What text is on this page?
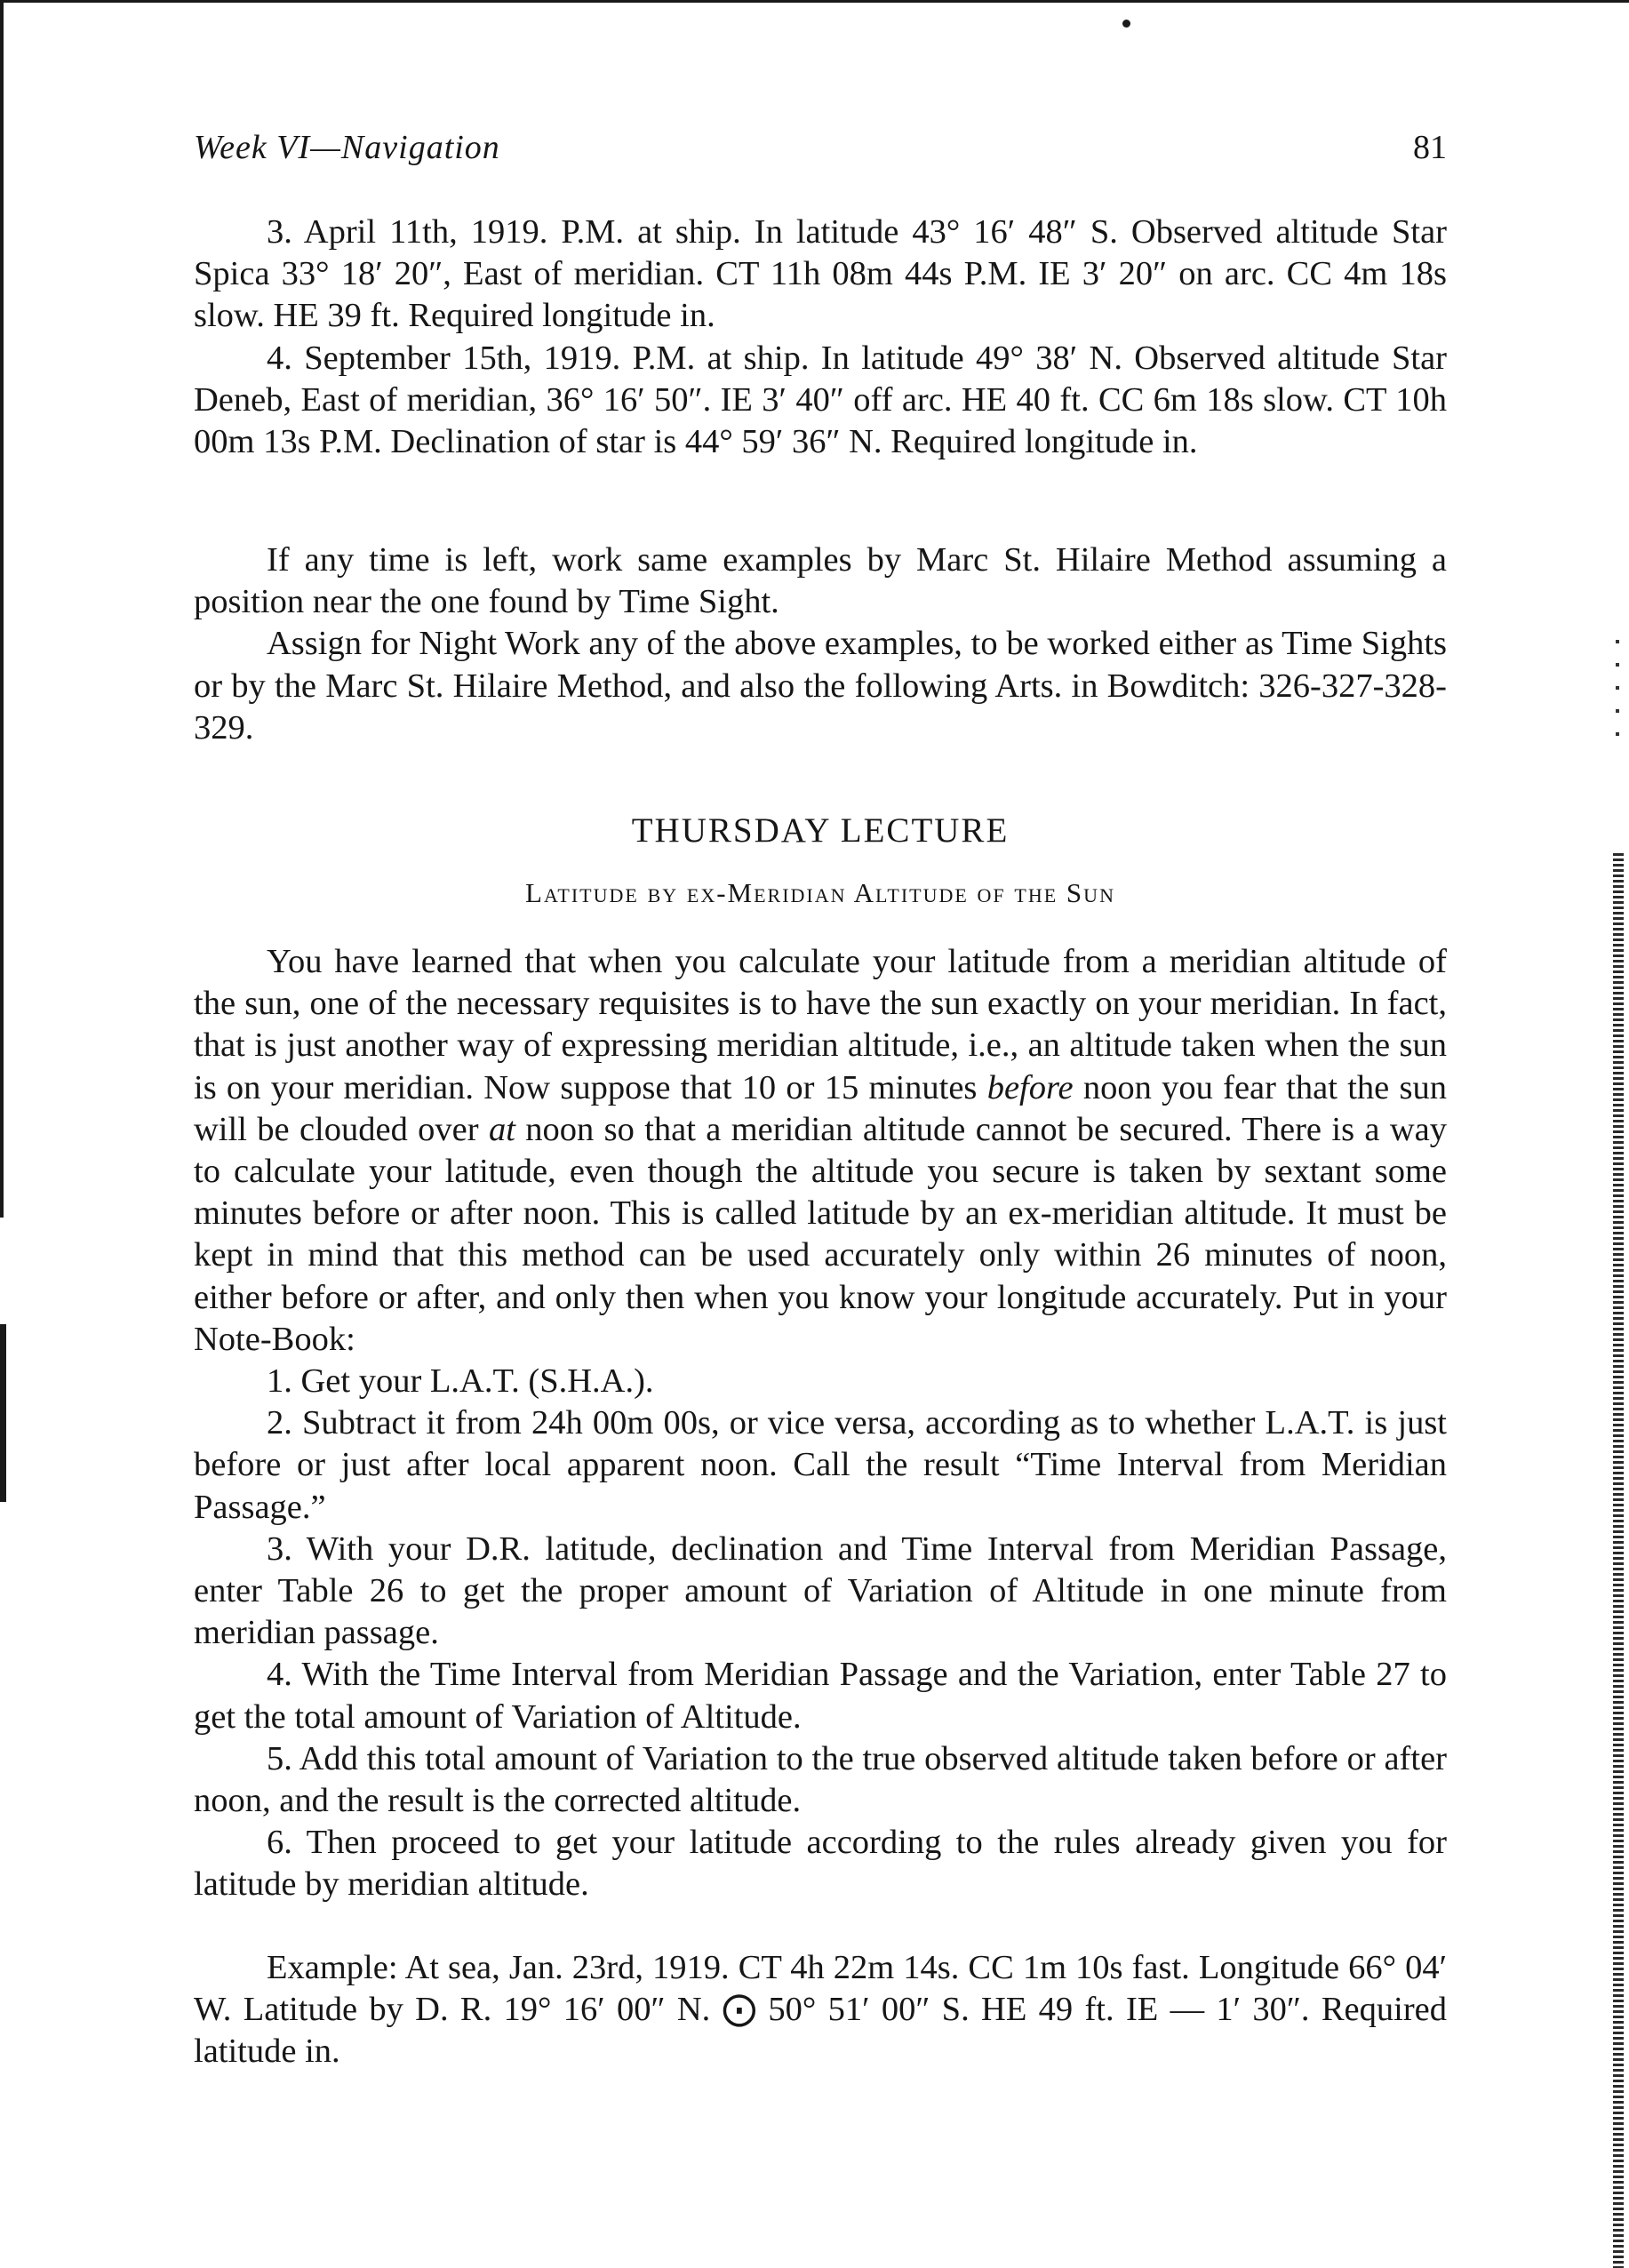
Week VI—Navigation	81

3. April 11th, 1919. P.M. at ship. In latitude 43° 16′ 48″ S. Observed altitude Star Spica 33° 18′ 20″, East of meridian. CT 11h 08m 44s P.M. IE 3′ 20″ on arc. CC 4m 18s slow. HE 39 ft. Required longitude in.

4. September 15th, 1919. P.M. at ship. In latitude 49° 38′ N. Observed altitude Star Deneb, East of meridian, 36° 16′ 50″. IE 3′ 40″ off arc. HE 40 ft. CC 6m 18s slow. CT 10h 00m 13s P.M. Declination of star is 44° 59′ 36″ N. Required longitude in.

If any time is left, work same examples by Marc St. Hilaire Method assuming a position near the one found by Time Sight.

Assign for Night Work any of the above examples, to be worked either as Time Sights or by the Marc St. Hilaire Method, and also the following Arts. in Bowditch: 326-327-328-329.

THURSDAY LECTURE
Latitude by ex-Meridian Altitude of the Sun

You have learned that when you calculate your latitude from a meridian altitude of the sun, one of the necessary requisites is to have the sun exactly on your meridian. In fact, that is just another way of expressing meridian altitude, i.e., an altitude taken when the sun is on your meridian. Now suppose that 10 or 15 minutes before noon you fear that the sun will be clouded over at noon so that a meridian altitude cannot be secured. There is a way to calculate your latitude, even though the altitude you secure is taken by sextant some minutes before or after noon. This is called latitude by an ex-meridian altitude. It must be kept in mind that this method can be used accurately only within 26 minutes of noon, either before or after, and only then when you know your longitude accurately. Put in your Note-Book:

1. Get your L.A.T. (S.H.A.).

2. Subtract it from 24h 00m 00s, or vice versa, according as to whether L.A.T. is just before or just after local apparent noon. Call the result “Time Interval from Meridian Passage.”

3. With your D.R. latitude, declination and Time Interval from Meridian Passage, enter Table 26 to get the proper amount of Variation of Altitude in one minute from meridian passage.

4. With the Time Interval from Meridian Passage and the Variation, enter Table 27 to get the total amount of Variation of Altitude.

5. Add this total amount of Variation to the true observed altitude taken before or after noon, and the result is the corrected altitude.

6. Then proceed to get your latitude according to the rules already given you for latitude by meridian altitude.

Example: At sea, Jan. 23rd, 1919. CT 4h 22m 14s. CC 1m 10s fast. Longitude 66° 04′ W. Latitude by D. R. 19° 16′ 00″ N. ⨀ 50° 51′ 00″ S. HE 49 ft. IE — 1′ 30″. Required latitude in.
